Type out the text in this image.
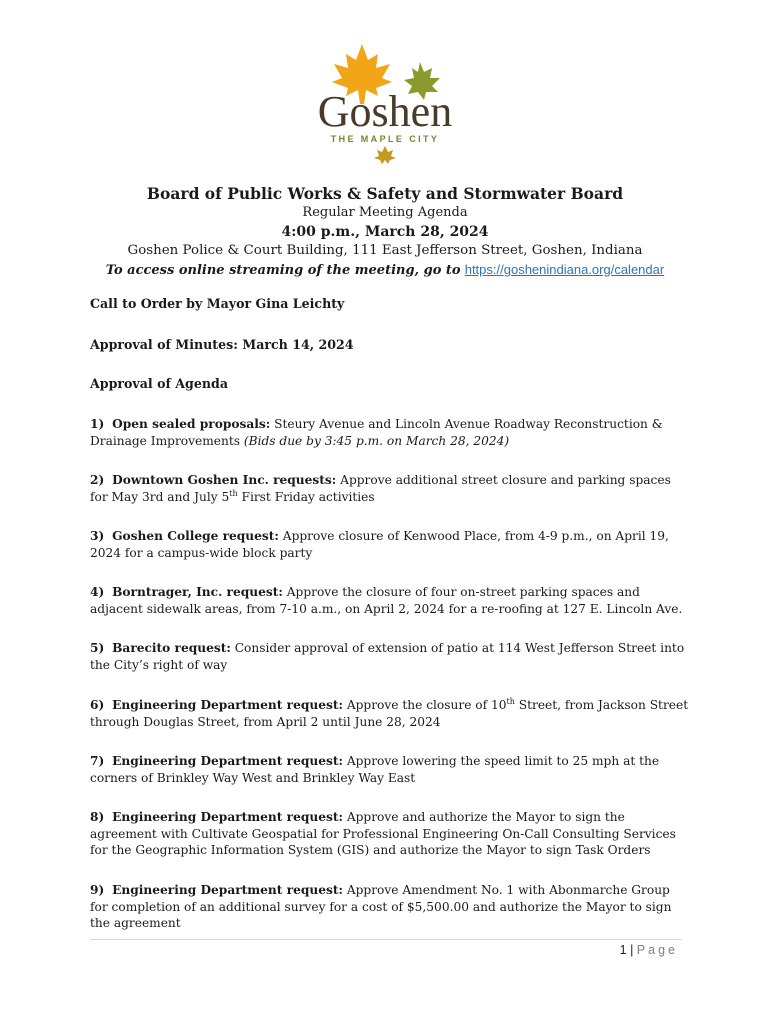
Goshen
THE MAPLE CITY
Board of Public Works & Safety and Stormwater Board
Regular Meeting Agenda
4:00 p.m., March 28, 2024
Goshen Police & Court Building, 111 East Jefferson Street, Goshen, Indiana
To access online streaming of the meeting, go to https://goshenindiana.org/calendar
Call to Order by Mayor Gina Leichty
Approval of Minutes: March 14, 2024
Approval of Agenda
1) Open sealed proposals: Steury Avenue and Lincoln Avenue Roadway Reconstruction & Drainage Improvements (Bids due by 3:45 p.m. on March 28, 2024)
2) Downtown Goshen Inc. requests: Approve additional street closure and parking spaces for May 3rd and July 5th First Friday activities
3) Goshen College request: Approve closure of Kenwood Place, from 4-9 p.m., on April 19, 2024 for a campus-wide block party
4) Borntrager, Inc. request: Approve the closure of four on-street parking spaces and adjacent sidewalk areas, from 7-10 a.m., on April 2, 2024 for a re-roofing at 127 E. Lincoln Ave.
5) Barecito request: Consider approval of extension of patio at 114 West Jefferson Street into the City’s right of way
6) Engineering Department request: Approve the closure of 10th Street, from Jackson Street through Douglas Street, from April 2 until June 28, 2024
7) Engineering Department request: Approve lowering the speed limit to 25 mph at the corners of Brinkley Way West and Brinkley Way East
8) Engineering Department request: Approve and authorize the Mayor to sign the agreement with Cultivate Geospatial for Professional Engineering On-Call Consulting Services for the Geographic Information System (GIS) and authorize the Mayor to sign Task Orders
9) Engineering Department request: Approve Amendment No. 1 with Abonmarche Group for completion of an additional survey for a cost of $5,500.00 and authorize the Mayor to sign the agreement
1 | Page
